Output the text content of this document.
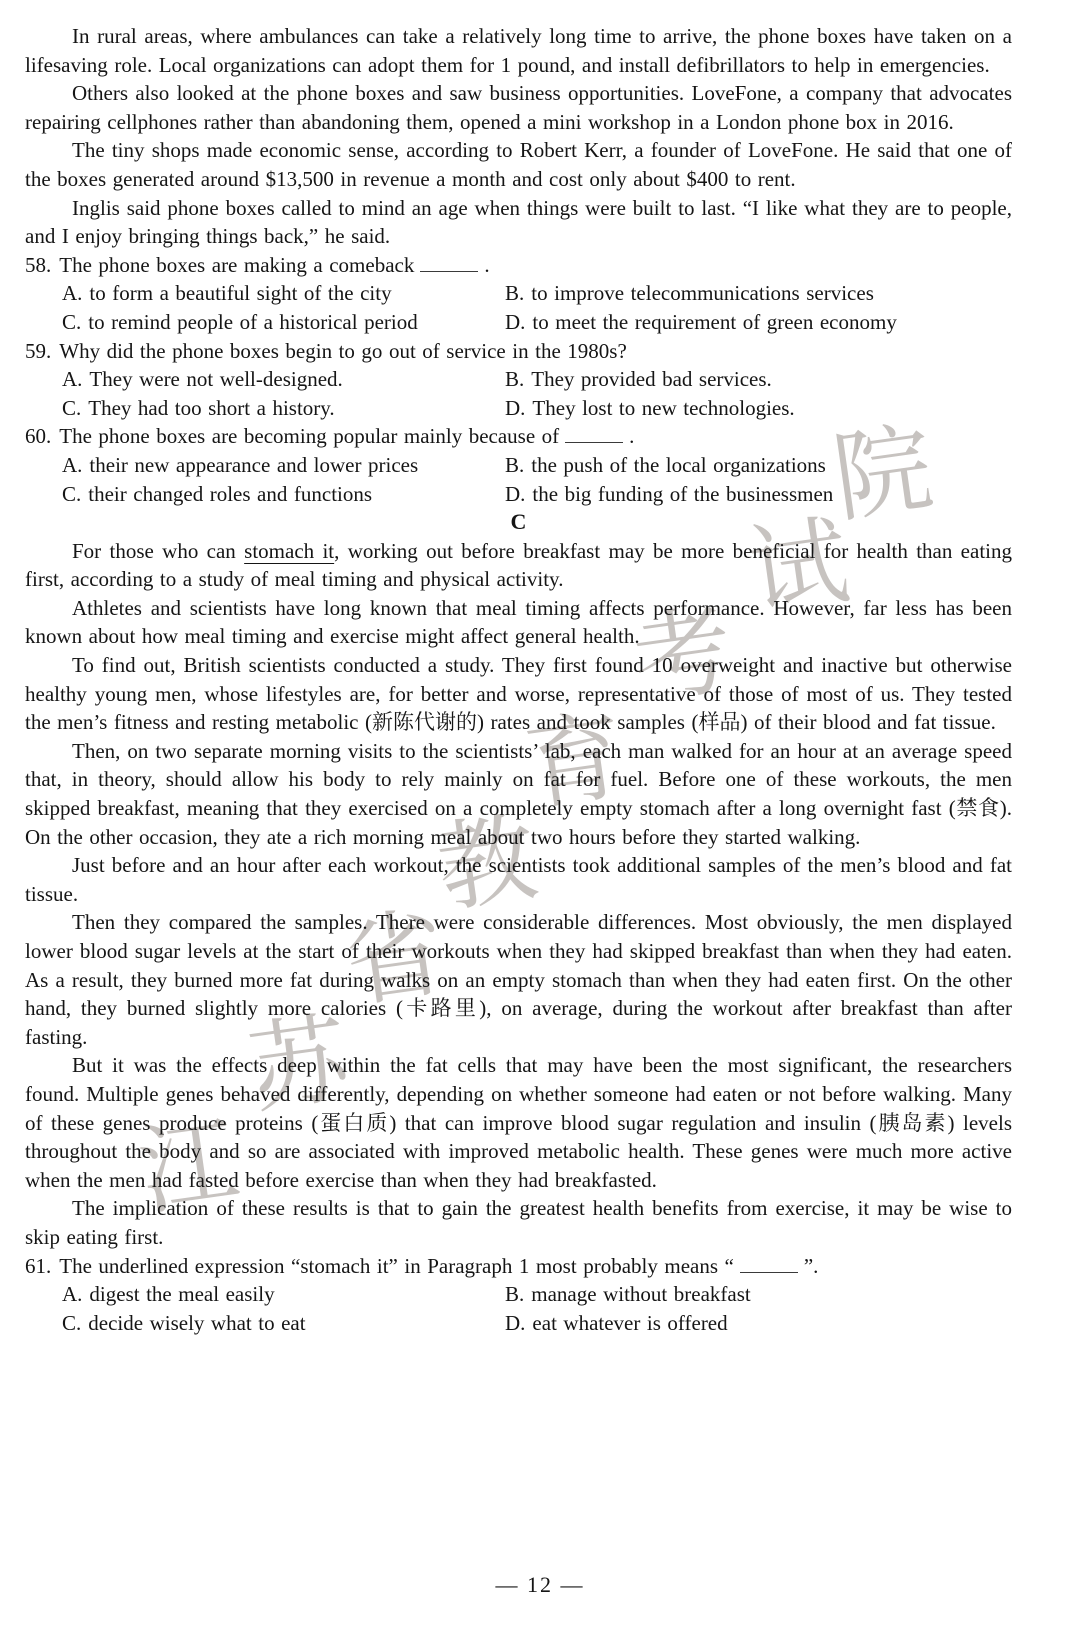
江
苏
省
教
育
考
试
院

In rural areas, where ambulances can take a relatively long time to arrive, the phone boxes have taken on a lifesaving role. Local organizations can adopt them for 1 pound, and install defibrillators to help in emergencies.

Others also looked at the phone boxes and saw business opportunities. LoveFone, a company that advocates repairing cellphones rather than abandoning them, opened a mini workshop in a London phone box in 2016.

The tiny shops made economic sense, according to Robert Kerr, a founder of LoveFone. He said that one of the boxes generated around $13,500 in revenue a month and cost only about $400 to rent.

Inglis said phone boxes called to mind an age when things were built to last. “I like what they are to people, and I enjoy bringing things back,” he said.

58. The phone boxes are making a comeback	.
A. to form a beautiful sight of the city	B. to improve telecommunications services
C. to remind people of a historical period	D. to meet the requirement of green economy
59. Why did the phone boxes begin to go out of service in the 1980s?
A. They were not well-designed.	B. They provided bad services.
C. They had too short a history.	D. They lost to new technologies.
60. The phone boxes are becoming popular mainly because of	.
A. their new appearance and lower prices	B. the push of the local organizations
C. their changed roles and functions	D. the big funding of the businessmen

C

For those who can stomach it, working out before breakfast may be more beneficial for health than eating first, according to a study of meal timing and physical activity.

Athletes and scientists have long known that meal timing affects performance. However, far less has been known about how meal timing and exercise might affect general health.

To find out, British scientists conducted a study. They first found 10 overweight and inactive but otherwise healthy young men, whose lifestyles are, for better and worse, representative of those of most of us. They tested the men’s fitness and resting metabolic (新陈代谢的) rates and took samples (样品) of their blood and fat tissue.

Then, on two separate morning visits to the scientists’ lab, each man walked for an hour at an average speed that, in theory, should allow his body to rely mainly on fat for fuel. Before one of these workouts, the men skipped breakfast, meaning that they exercised on a completely empty stomach after a long overnight fast (禁食). On the other occasion, they ate a rich morning meal about two hours before they started walking.

Just before and an hour after each workout, the scientists took additional samples of the men’s blood and fat tissue.

Then they compared the samples. There were considerable differences. Most obviously, the men displayed lower blood sugar levels at the start of their workouts when they had skipped breakfast than when they had eaten. As a result, they burned more fat during walks on an empty stomach than when they had eaten first. On the other hand, they burned slightly more calories (卡路里), on average, during the workout after breakfast than after fasting.

But it was the effects deep within the fat cells that may have been the most significant, the researchers found. Multiple genes behaved differently, depending on whether someone had eaten or not before walking. Many of these genes produce proteins (蛋白质) that can improve blood sugar regulation and insulin (胰岛素) levels throughout the body and so are associated with improved metabolic health. These genes were much more active when the men had fasted before exercise than when they had breakfasted.

The implication of these results is that to gain the greatest health benefits from exercise, it may be wise to skip eating first.

61. The underlined expression “stomach it” in Paragraph 1 most probably means “	”.
A. digest the meal easily	B. manage without breakfast
C. decide wisely what to eat	D. eat whatever is offered
— 12 —
